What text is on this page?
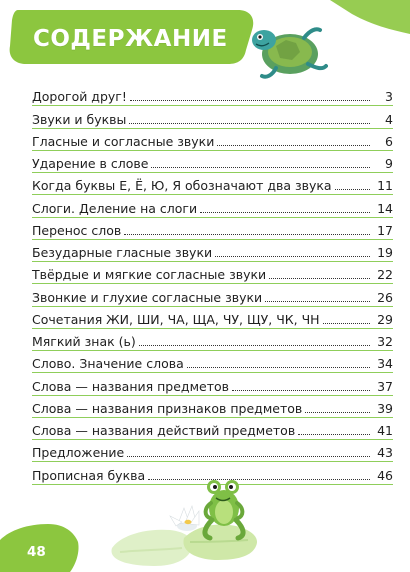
СОДЕРЖАНИЕ
Дорогой друг!	3
Звуки и буквы	4
Гласные и согласные звуки	6
Ударение в слове	9
Когда буквы Е, Ё, Ю, Я обозначают два звука	11
Слоги. Деление на слоги	14
Перенос слов	17
Безударные гласные звуки	19
Твёрдые и мягкие согласные звуки	22
Звонкие и глухие согласные звуки	26
Сочетания ЖИ, ШИ, ЧА, ЩА, ЧУ, ЩУ, ЧК, ЧН	29
Мягкий знак (ь)	32
Слово. Значение слова	34
Слова — названия предметов	37
Слова — названия признаков предметов	39
Слова — названия действий предметов	41
Предложение	43
Прописная буква	46
48
